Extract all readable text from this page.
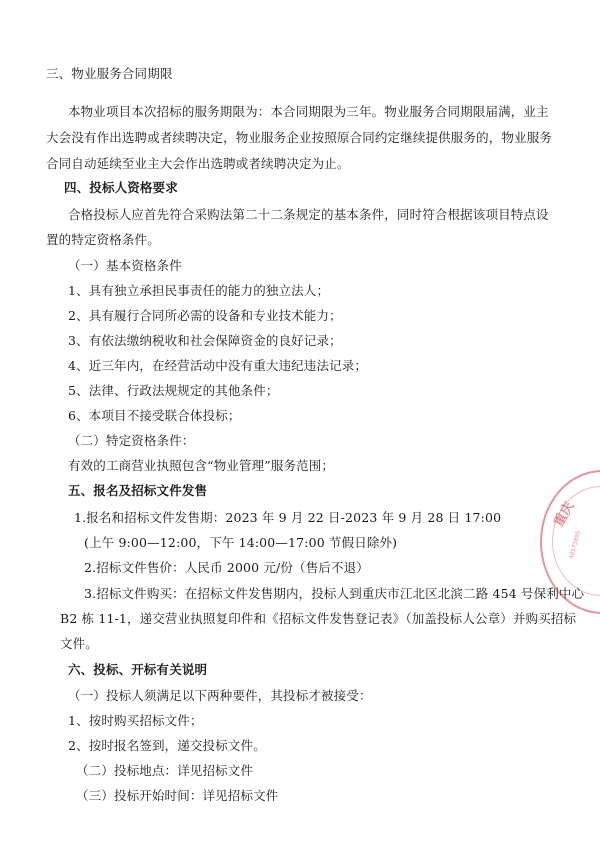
三、物业服务合同期限
本物业项目本次招标的服务期限为：本合同期限为三年。物业服务合同期限届满，业主
大会没有作出选聘或者续聘决定，物业服务企业按照原合同约定继续提供服务的，物业服务
合同自动延续至业主大会作出选聘或者续聘决定为止。
四、投标人资格要求
合格投标人应首先符合采购法第二十二条规定的基本条件，同时符合根据该项目特点设
置的特定资格条件。
（一）基本资格条件
1、具有独立承担民事责任的能力的独立法人；
2、具有履行合同所必需的设备和专业技术能力；
3、有依法缴纳税收和社会保障资金的良好记录；
4、近三年内，在经营活动中没有重大违纪违法记录；
5、法律、行政法规规定的其他条件；
6、本项目不接受联合体投标；
（二）特定资格条件：
有效的工商营业执照包含“物业管理”服务范围；
五、报名及招标文件发售
1.报名和招标文件发售期：2023 年 9 月 22 日-2023 年 9 月 28 日 17:00
(上午 9:00—12:00，下午 14:00—17:00 节假日除外)
2.招标文件售价：人民币 2000 元/份（售后不退）
3.招标文件购买：在招标文件发售期内，投标人到重庆市江北区北滨二路 454 号保利中心
B2 栋 11-1，递交营业执照复印件和《招标文件发售登记表》（加盖投标人公章）并购买招标
文件。
六、投标、开标有关说明
（一）投标人须满足以下两种要件，其投标才被接受：
1、按时购买招标文件；
2、按时报名签到，递交投标文件。
（二）投标地点：详见招标文件
（三）投标开始时间：详见招标文件
重庆
40573895
